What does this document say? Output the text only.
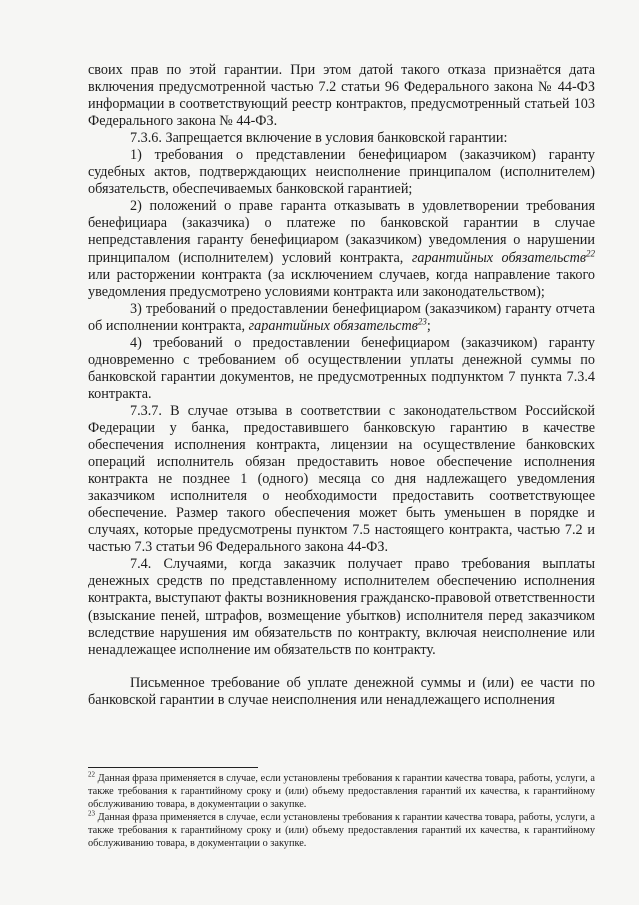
своих прав по этой гарантии. При этом датой такого отказа признаётся дата включения предусмотренной частью 7.2 статьи 96 Федерального закона № 44-ФЗ информации в соответствующий реестр контрактов, предусмотренный статьей 103 Федерального закона № 44-ФЗ.

7.3.6. Запрещается включение в условия банковской гарантии:

1) требования о представлении бенефициаром (заказчиком) гаранту судебных актов, подтверждающих неисполнение принципалом (исполнителем) обязательств, обеспечиваемых банковской гарантией;

2) положений о праве гаранта отказывать в удовлетворении требования бенефициара (заказчика) о платеже по банковской гарантии в случае непредставления гаранту бенефициаром (заказчиком) уведомления о нарушении принципалом (исполнителем) условий контракта, гарантийных обязательств$^{22}$ или расторжении контракта (за исключением случаев, когда направление такого уведомления предусмотрено условиями контракта или законодательством);

3) требований о предоставлении бенефициаром (заказчиком) гаранту отчета об исполнении контракта, гарантийных обязательств$^{23}$;

4) требований о предоставлении бенефициаром (заказчиком) гаранту одновременно с требованием об осуществлении уплаты денежной суммы по банковской гарантии документов, не предусмотренных подпунктом 7 пункта 7.3.4 контракта.

7.3.7. В случае отзыва в соответствии с законодательством Российской Федерации у банка, предоставившего банковскую гарантию в качестве обеспечения исполнения контракта, лицензии на осуществление банковских операций исполнитель обязан предоставить новое обеспечение исполнения контракта не позднее 1 (одного) месяца со дня надлежащего уведомления заказчиком исполнителя о необходимости предоставить соответствующее обеспечение. Размер такого обеспечения может быть уменьшен в порядке и случаях, которые предусмотрены пунктом 7.5 настоящего контракта, частью 7.2 и частью 7.3 статьи 96 Федерального закона 44-ФЗ.

7.4. Случаями, когда заказчик получает право требования выплаты денежных средств по представленному исполнителем обеспечению исполнения контракта, выступают факты возникновения гражданско-правовой ответственности (взыскание пеней, штрафов, возмещение убытков) исполнителя перед заказчиком вследствие нарушения им обязательств по контракту, включая неисполнение или ненадлежащее исполнение им обязательств по контракту.

Письменное требование об уплате денежной суммы и (или) ее части по банковской гарантии в случае неисполнения или ненадлежащего исполнения

$^{22}$ Данная фраза применяется в случае, если установлены требования к гарантии качества товара, работы, услуги, а также требования к гарантийному сроку и (или) объему предоставления гарантий их качества, к гарантийному обслуживанию товара, в документации о закупке.

$^{23}$ Данная фраза применяется в случае, если установлены требования к гарантии качества товара, работы, услуги, а также требования к гарантийному сроку и (или) объему предоставления гарантий их качества, к гарантийному обслуживанию товара, в документации о закупке.
